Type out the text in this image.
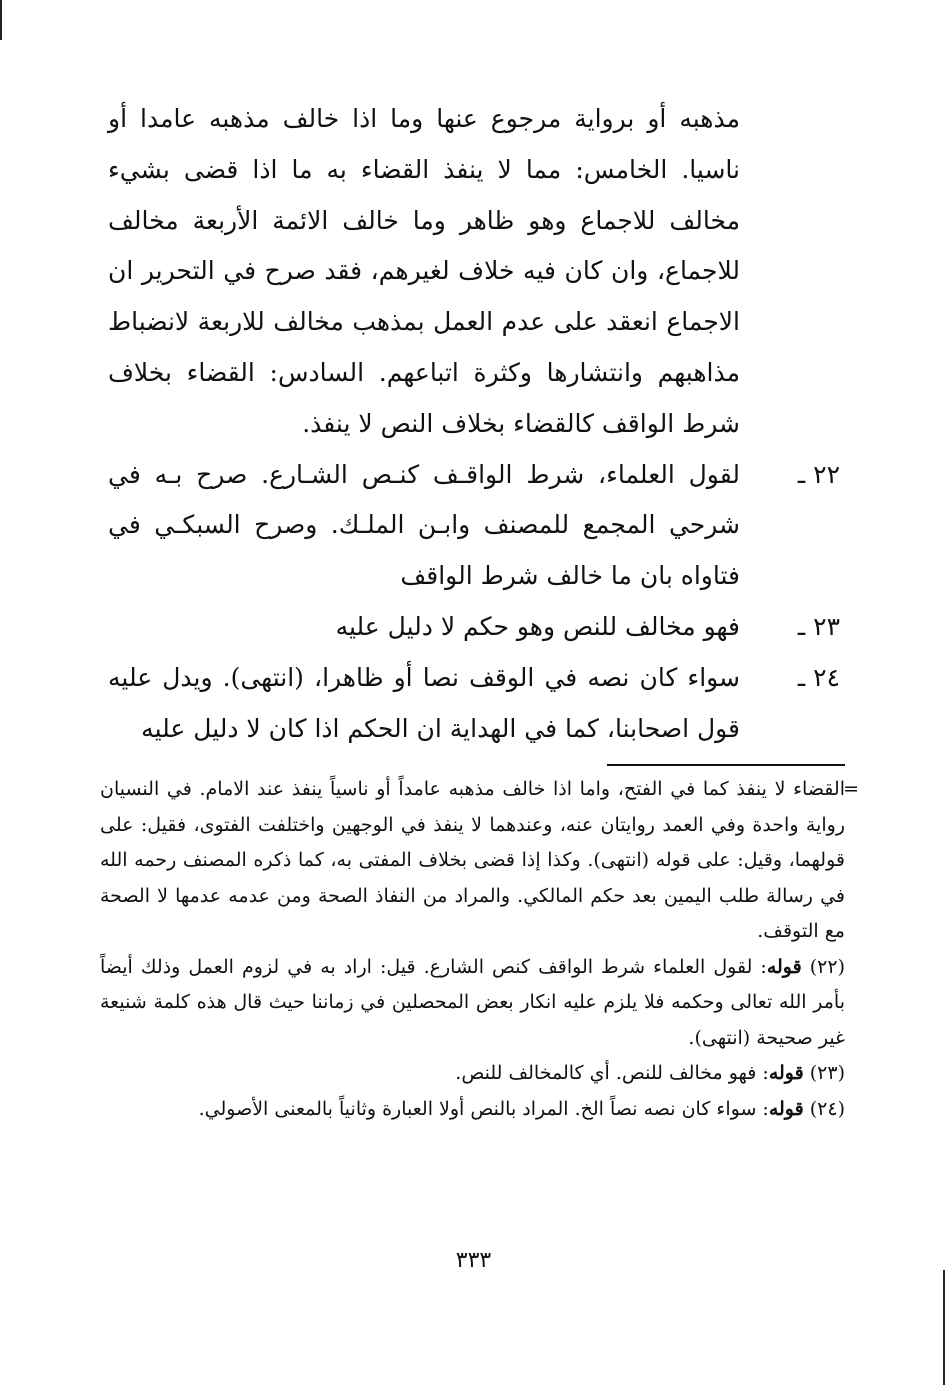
مذهبه أو برواية مرجوع عنها وما اذا خالف مذهبه عامدا أو ناسيا. الخامس: مما لا ينفذ القضاء به ما اذا قضى بشيء مخالف للاجماع وهو ظاهر وما خالف الائمة الأربعة مخالف للاجماع، وان كان فيه خلاف لغيرهم، فقد صرح في التحرير ان الاجماع انعقد على عدم العمل بمذهب مخالف للاربعة لانضباط مذاهبهم وانتشارها وكثرة اتباعهم. السادس: القضاء بخلاف شرط الواقف كالقضاء بخلاف النص لا ينفذ.

٢٢ ـ
لقول العلماء، شرط الواقـف كنـص الشـارع. صرح بـه في شرحي المجمع للمصنف وابـن الملـك. وصرح السبكـي في فتاواه بان ما خالف شرط الواقف
٢٣ ـ
فهو مخالف للنص وهو حكم لا دليل عليه
٢٤ ـ
سواء كان نصه في الوقف نصا أو ظاهرا، (انتهى). ويدل عليه قول اصحابنا، كما في الهداية ان الحكم اذا كان لا دليل عليه

=
القضاء لا ينفذ كما في الفتح، واما اذا خالف مذهبه عامداً أو ناسياً ينفذ عند الامام. في النسيان رواية واحدة وفي العمد روايتان عنه، وعندهما لا ينفذ في الوجهين واختلفت الفتوى، فقيل: على قولهما، وقيل: على قوله (انتهى). وكذا إذا قضى بخلاف المفتى به، كما ذكره المصنف رحمه الله في رسالة طلب اليمين بعد حكم المالكي. والمراد من النفاذ الصحة ومن عدمه عدمها لا الصحة مع التوقف.

(٢٢) قوله: لقول العلماء شرط الواقف كنص الشارع. قيل: اراد به في لزوم العمل وذلك أيضاً بأمر الله تعالى وحكمه فلا يلزم عليه انكار بعض المحصلين في زماننا حيث قال هذه كلمة شنيعة غير صحيحة (انتهى).

(٢٣) قوله: فهو مخالف للنص. أي كالمخالف للنص.

(٢٤) قوله: سواء كان نصه نصاً الخ. المراد بالنص أولا العبارة وثانياً بالمعنى الأصولي.

٣٣٣
